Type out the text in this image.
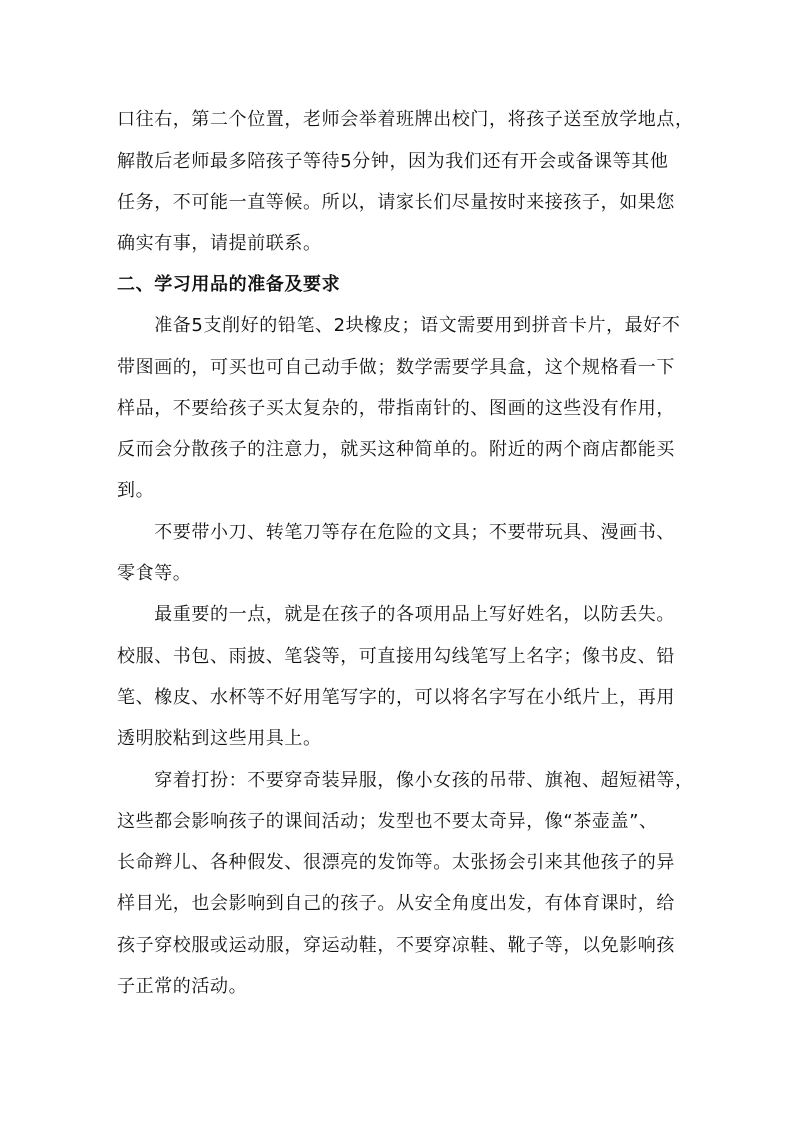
口往右，第二个位置，老师会举着班牌出校门，将孩子送至放学地点，
解散后老师最多陪孩子等待5分钟，因为我们还有开会或备课等其他
任务，不可能一直等候。所以，请家长们尽量按时来接孩子，如果您
确实有事，请提前联系。
二、学习用品的准备及要求
　　准备5支削好的铅笔、2块橡皮；语文需要用到拼音卡片，最好不
带图画的，可买也可自己动手做；数学需要学具盒，这个规格看一下
样品，不要给孩子买太复杂的，带指南针的、图画的这些没有作用，
反而会分散孩子的注意力，就买这种简单的。附近的两个商店都能买
到。
　　不要带小刀、转笔刀等存在危险的文具；不要带玩具、漫画书、
零食等。
　　最重要的一点，就是在孩子的各项用品上写好姓名，以防丢失。
校服、书包、雨披、笔袋等，可直接用勾线笔写上名字；像书皮、铅
笔、橡皮、水杯等不好用笔写字的，可以将名字写在小纸片上，再用
透明胶粘到这些用具上。
　　穿着打扮：不要穿奇装异服，像小女孩的吊带、旗袍、超短裙等，
这些都会影响孩子的课间活动；发型也不要太奇异，像“茶壶盖”、
长命辫儿、各种假发、很漂亮的发饰等。太张扬会引来其他孩子的异
样目光，也会影响到自己的孩子。从安全角度出发，有体育课时，给
孩子穿校服或运动服，穿运动鞋，不要穿凉鞋、靴子等，以免影响孩
子正常的活动。
